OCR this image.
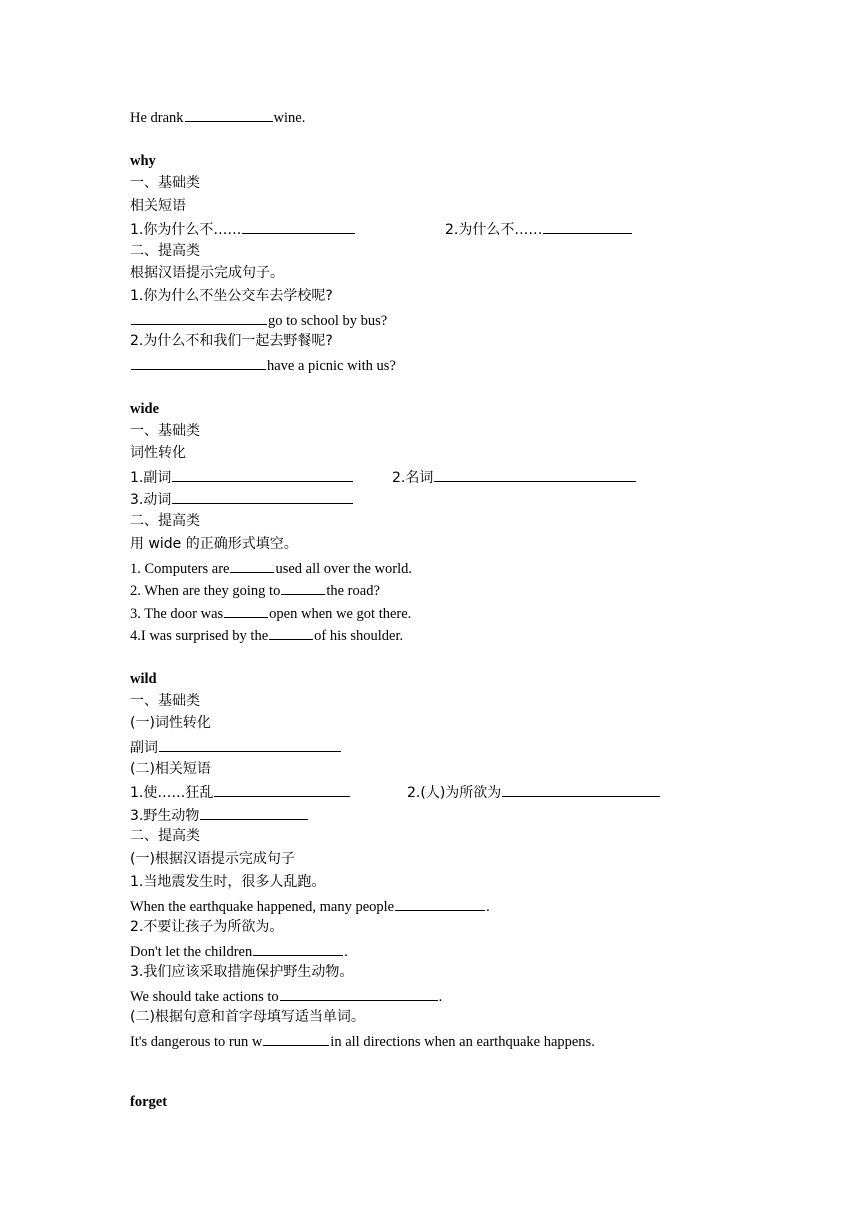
He drank	wine.
why
一、基础类
相关短语
1.你为什么不……	2.为什么不……
二、提高类
根据汉语提示完成句子。
1.你为什么不坐公交车去学校呢?
go to school by bus?
2.为什么不和我们一起去野餐呢?
have a picnic with us?
wide
一、基础类
词性转化
1.副词	2.名词
3.动词
二、提高类
用 wide 的正确形式填空。
1. Computers are	used all over the world.
2. When are they going to	the road?
3. The door was	open when we got there.
4.I was surprised by the	of his shoulder.
wild
一、基础类
(一)词性转化
副词
(二)相关短语
1.使……狂乱	2.(人)为所欲为
3.野生动物
二、提高类
(一)根据汉语提示完成句子
1.当地震发生时，很多人乱跑。
When the earthquake happened, many people	.
2.不要让孩子为所欲为。
Don't let the children	.
3.我们应该采取措施保护野生动物。
We should take actions to	.
(二)根据句意和首字母填写适当单词。
It's dangerous to run w	in all directions when an earthquake happens.
forget
